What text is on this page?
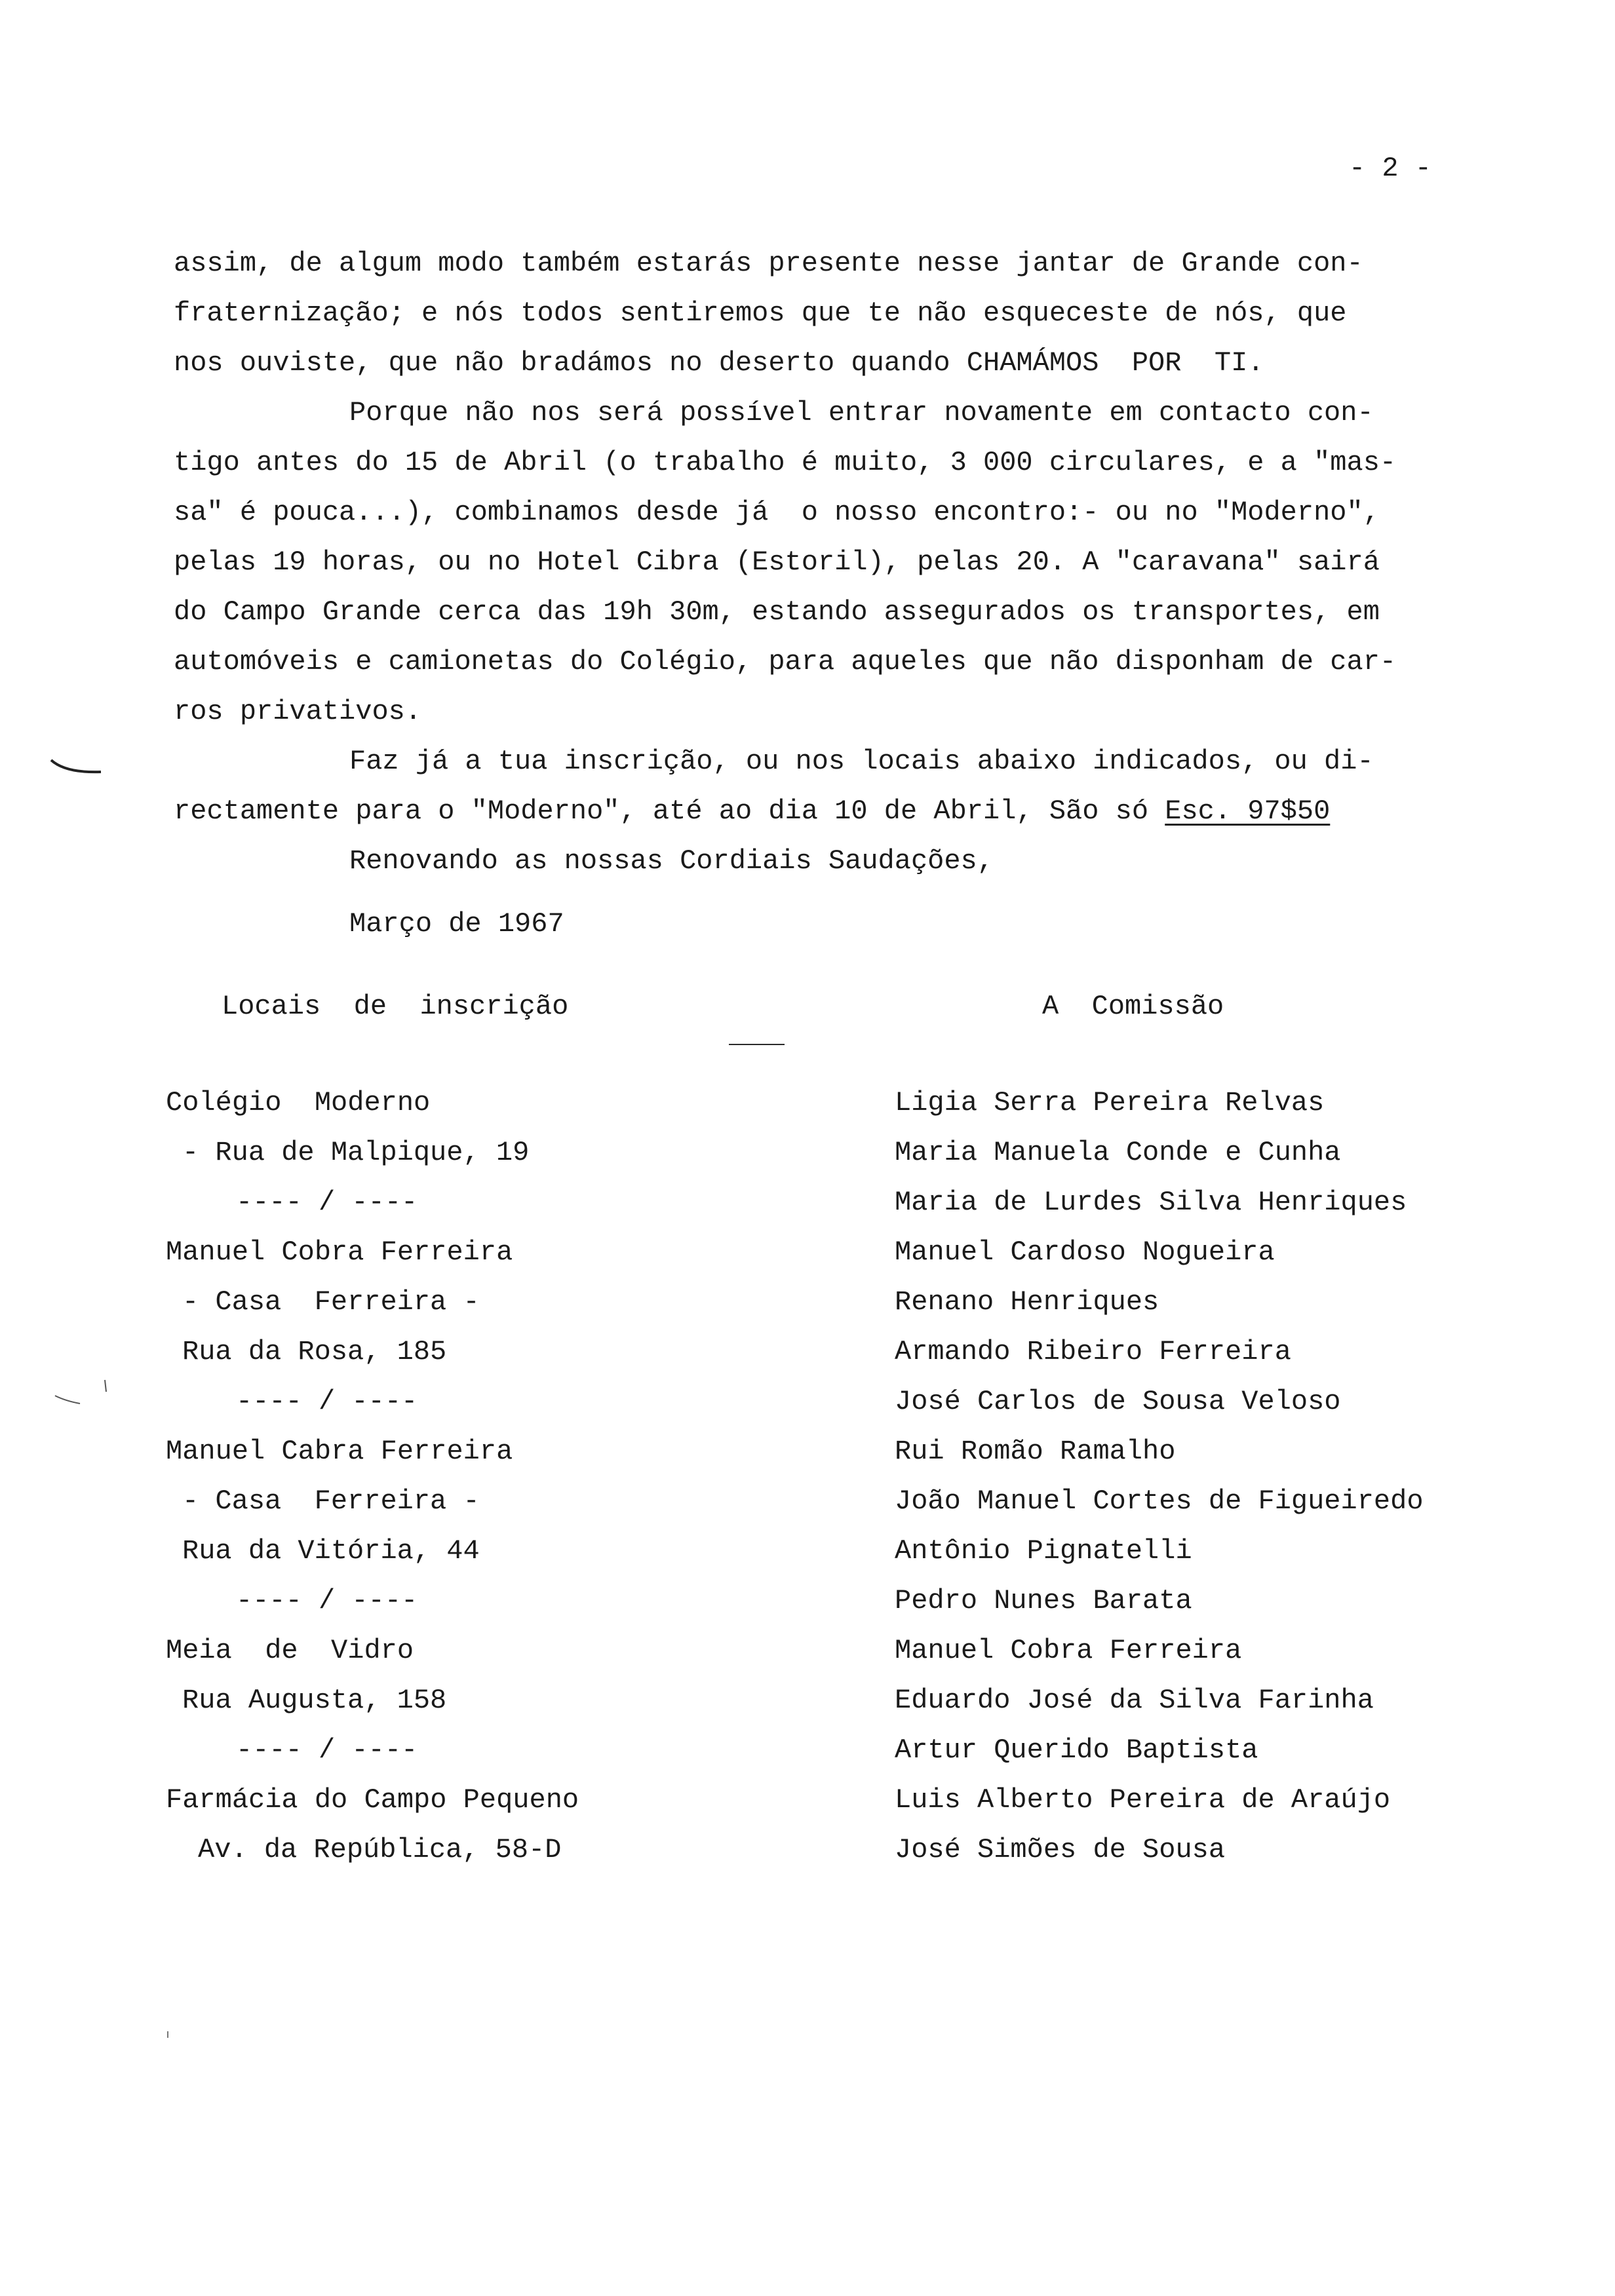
- 2 -
assim, de algum modo também estarás presente nesse jantar de Grande con-
fraternização; e nós todos sentiremos que te não esqueceste de nós, que
nos ouviste, que não bradámos no deserto quando CHAMÁMOS  POR  TI.
Porque não nos será possível entrar novamente em contacto con-
tigo antes do 15 de Abril (o trabalho é muito, 3 000 circulares, e a "mas-
sa" é pouca...), combinamos desde já  o nosso encontro:- ou no "Moderno",
pelas 19 horas, ou no Hotel Cibra (Estoril), pelas 20. A "caravana" sairá
do Campo Grande cerca das 19h 30m, estando assegurados os transportes, em
automóveis e camionetas do Colégio, para aqueles que não disponham de car-
ros privativos.
Faz já a tua inscrição, ou nos locais abaixo indicados, ou di-
rectamente para o "Moderno", até ao dia 10 de Abril, São só Esc. 97$50
Renovando as nossas Cordiais Saudações,
Março de 1967
Locais  de  inscrição	A  Comissão
Colégio  Moderno
- Rua de Malpique, 19
---- / ----
Manuel Cobra Ferreira
- Casa  Ferreira -
Rua da Rosa, 185
---- / ----
Manuel Cabra Ferreira
- Casa  Ferreira -
Rua da Vitória, 44
---- / ----
Meia  de  Vidro
Rua Augusta, 158
---- / ----
Farmácia do Campo Pequeno
Av. da República, 58-D
Ligia Serra Pereira Relvas
Maria Manuela Conde e Cunha
Maria de Lurdes Silva Henriques
Manuel Cardoso Nogueira
Renano Henriques
Armando Ribeiro Ferreira
José Carlos de Sousa Veloso
Rui Romão Ramalho
João Manuel Cortes de Figueiredo
Antônio Pignatelli
Pedro Nunes Barata
Manuel Cobra Ferreira
Eduardo José da Silva Farinha
Artur Querido Baptista
Luis Alberto Pereira de Araújo
José Simões de Sousa
